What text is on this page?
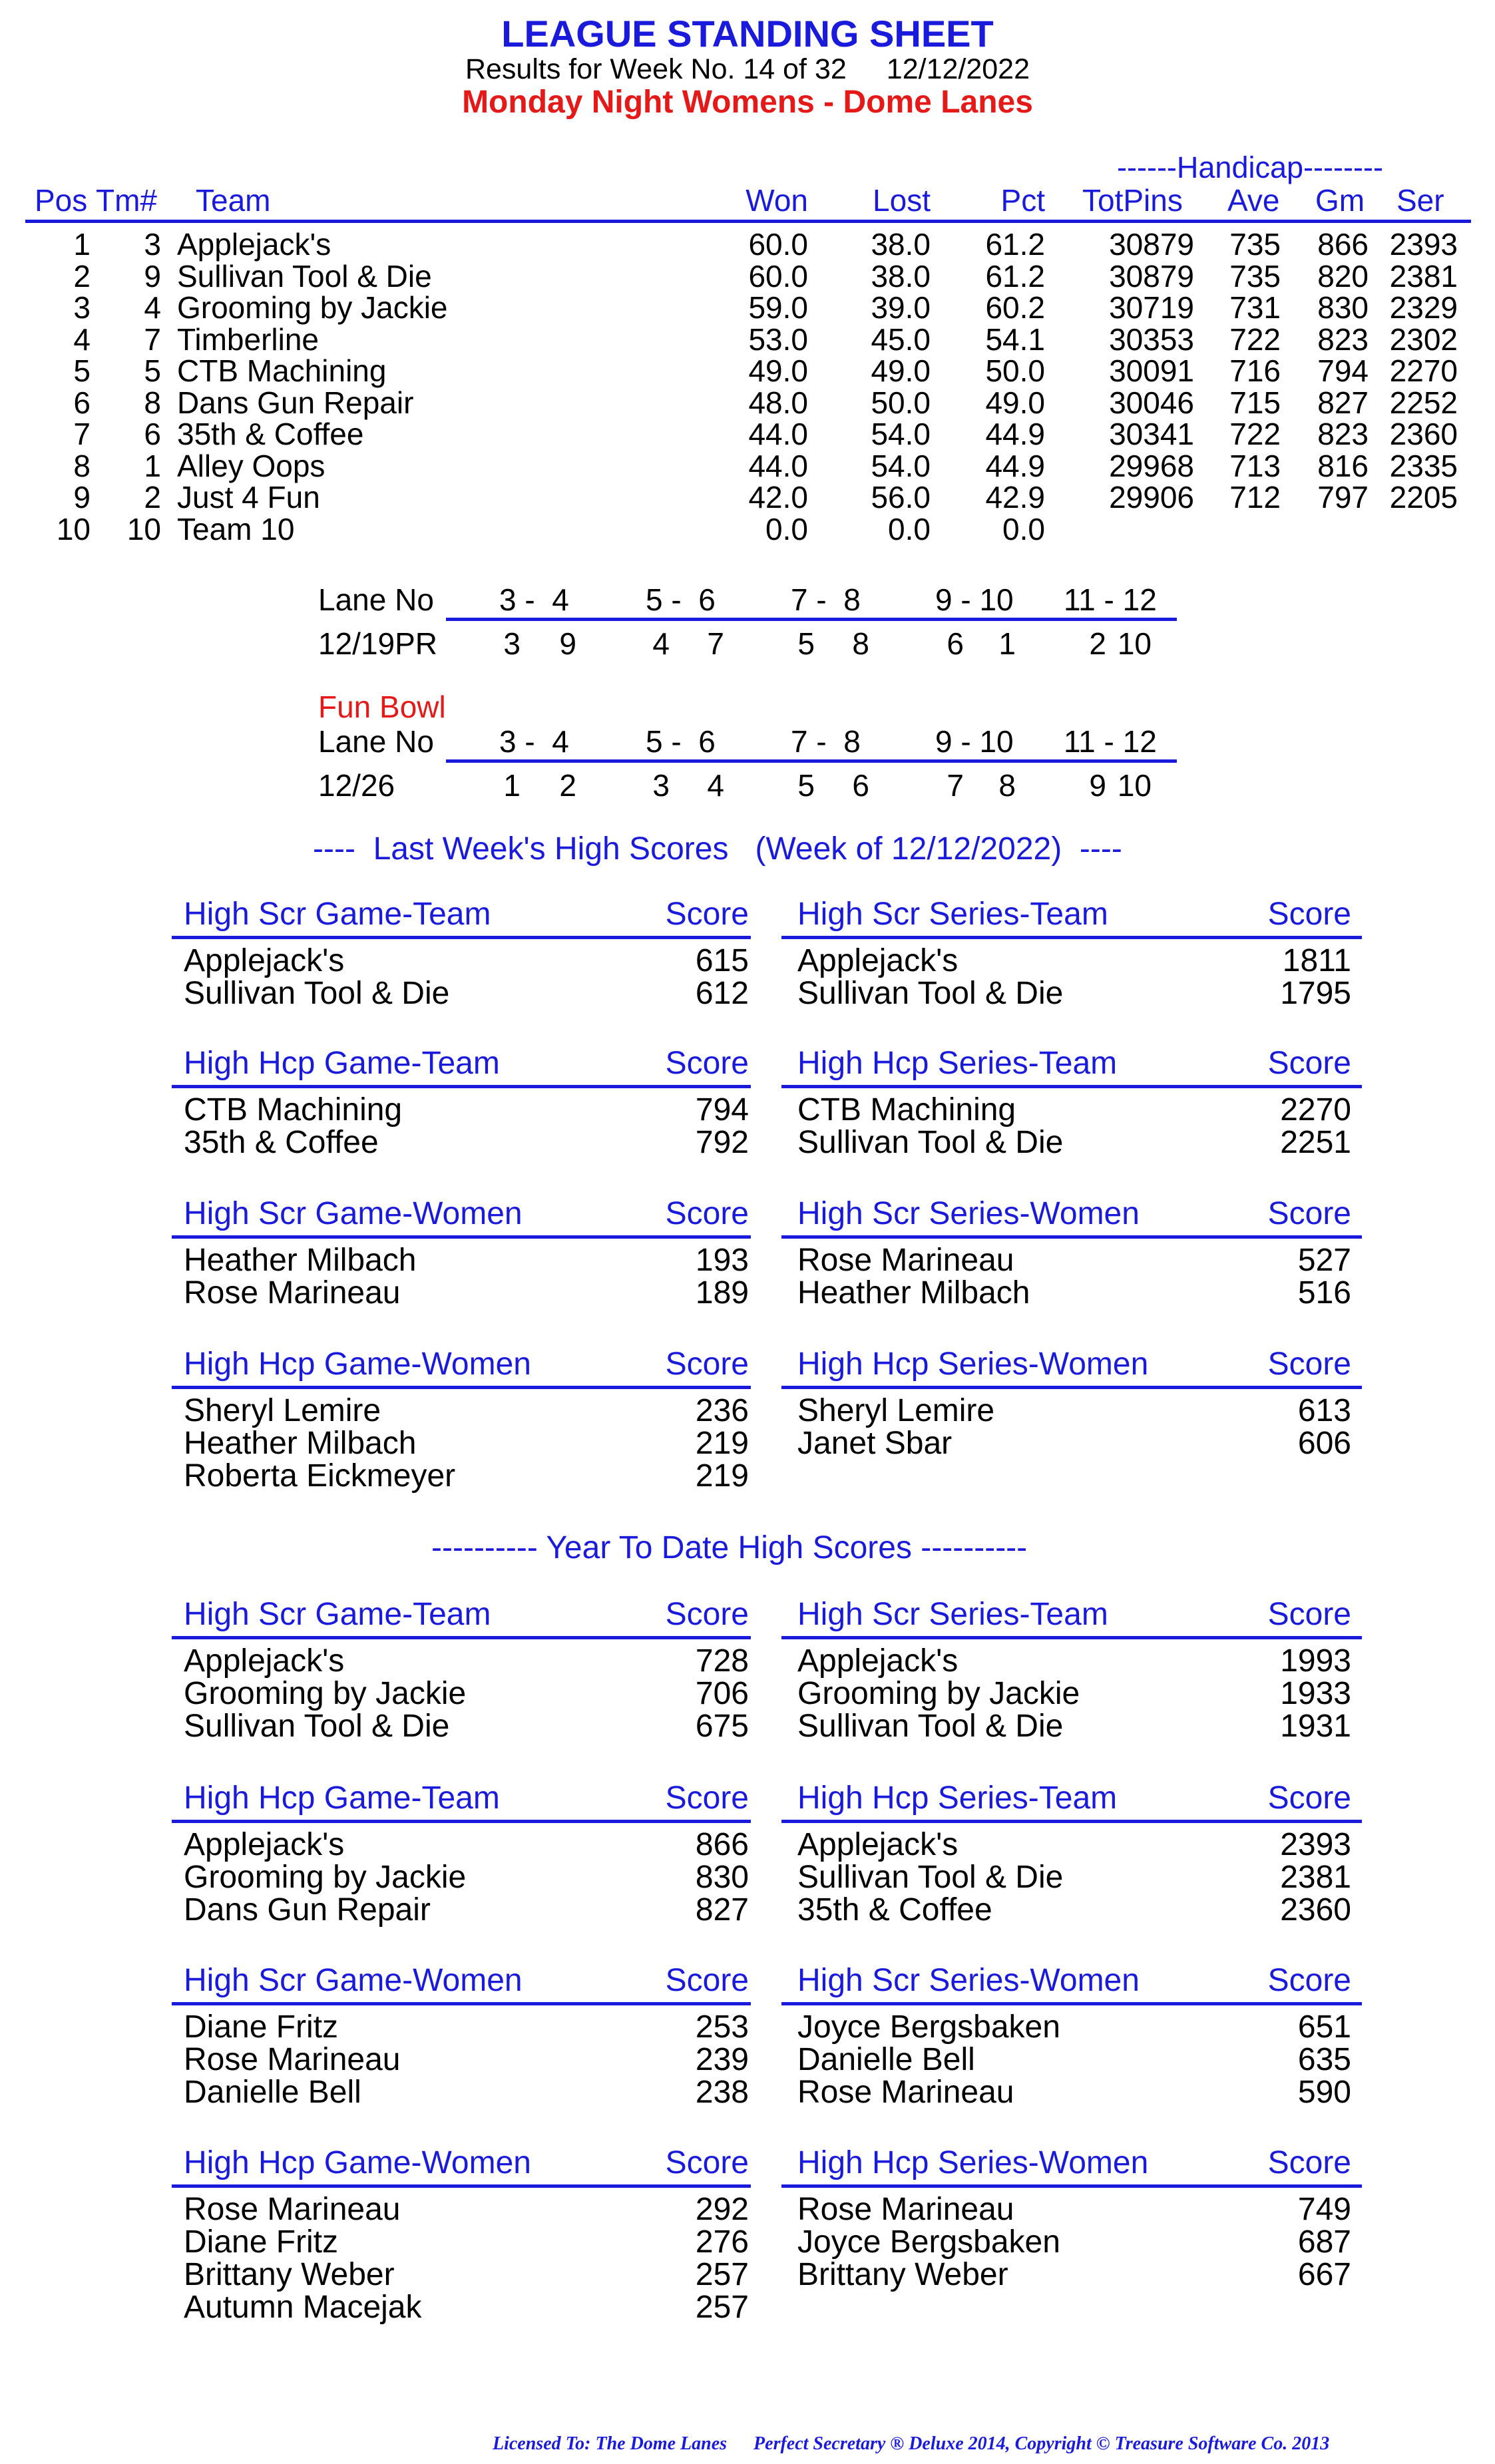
LEAGUE STANDING SHEET
Results for Week No. 14 of 32 12/12/2022
Monday Night Womens - Dome Lanes
------Handicap--------
Pos Tm# Team	Won	Lost	Pct TotPins Ave Gm Ser
1	3 Applejack's	60.0	38.0	61.2	30879	735	866 2393
2	9 Sullivan Tool & Die	60.0	38.0	61.2	30879	735	820 2381
3	4 Grooming by Jackie	59.0	39.0	60.2	30719	731	830 2329
4	7 Timberline	53.0	45.0	54.1	30353	722	823 2302
5	5 CTB Machining	49.0	49.0	50.0	30091	716	794 2270
6	8 Dans Gun Repair	48.0	50.0	49.0	30046	715	827 2252
7	6 35th & Coffee	44.0	54.0	44.9	30341	722	823 2360
8	1 Alley Oops	44.0	54.0	44.9	29968	713	816 2335
9	2 Just 4 Fun	42.0	56.0	42.9	29906	712	797 2205
10	10 Team 10	0.0	0.0	0.0
Lane No 3 -  4	5 -  6 7 -  8 9 - 10 11 - 12
12/19PR	3	9	4	7	5	8	6	1	2 10
Fun Bowl
Lane No 3 -  4	5 -  6 7 -  8 9 - 10 11 - 12
12/26	1	2	3	4	5	6	7	8	9 10
----  Last Week's High Scores   (Week of 12/12/2022)  ----
High Scr Game-Team	Score
Applejack's	615
Sullivan Tool & Die	612
High Scr Series-Team	Score
Applejack's	1811
Sullivan Tool & Die	1795
High Hcp Game-Team	Score
CTB Machining	794
35th & Coffee	792
High Hcp Series-Team	Score
CTB Machining	2270
Sullivan Tool & Die	2251
High Scr Game-Women	Score
Heather Milbach	193
Rose Marineau	189
High Scr Series-Women	Score
Rose Marineau	527
Heather Milbach	516
High Hcp Game-Women	Score
Sheryl Lemire	236
Heather Milbach	219
Roberta Eickmeyer	219
High Hcp Series-Women	Score
Sheryl Lemire	613
Janet Sbar	606
---------- Year To Date High Scores ----------
High Scr Game-Team	Score
Applejack's	728
Grooming by Jackie	706
Sullivan Tool & Die	675
High Scr Series-Team	Score
Applejack's	1993
Grooming by Jackie	1933
Sullivan Tool & Die	1931
High Hcp Game-Team	Score
Applejack's	866
Grooming by Jackie	830
Dans Gun Repair	827
High Hcp Series-Team	Score
Applejack's	2393
Sullivan Tool & Die	2381
35th & Coffee	2360
High Scr Game-Women	Score
Diane Fritz	253
Rose Marineau	239
Danielle Bell	238
High Scr Series-Women	Score
Joyce Bergsbaken	651
Danielle Bell	635
Rose Marineau	590
High Hcp Game-Women	Score
Rose Marineau	292
Diane Fritz	276
Brittany Weber	257
Autumn Macejak	257
High Hcp Series-Women	Score
Rose Marineau	749
Joyce Bergsbaken	687
Brittany Weber	667
Licensed To: The Dome Lanes Perfect Secretary ® Deluxe 2014, Copyright © Treasure Software Co. 2013
